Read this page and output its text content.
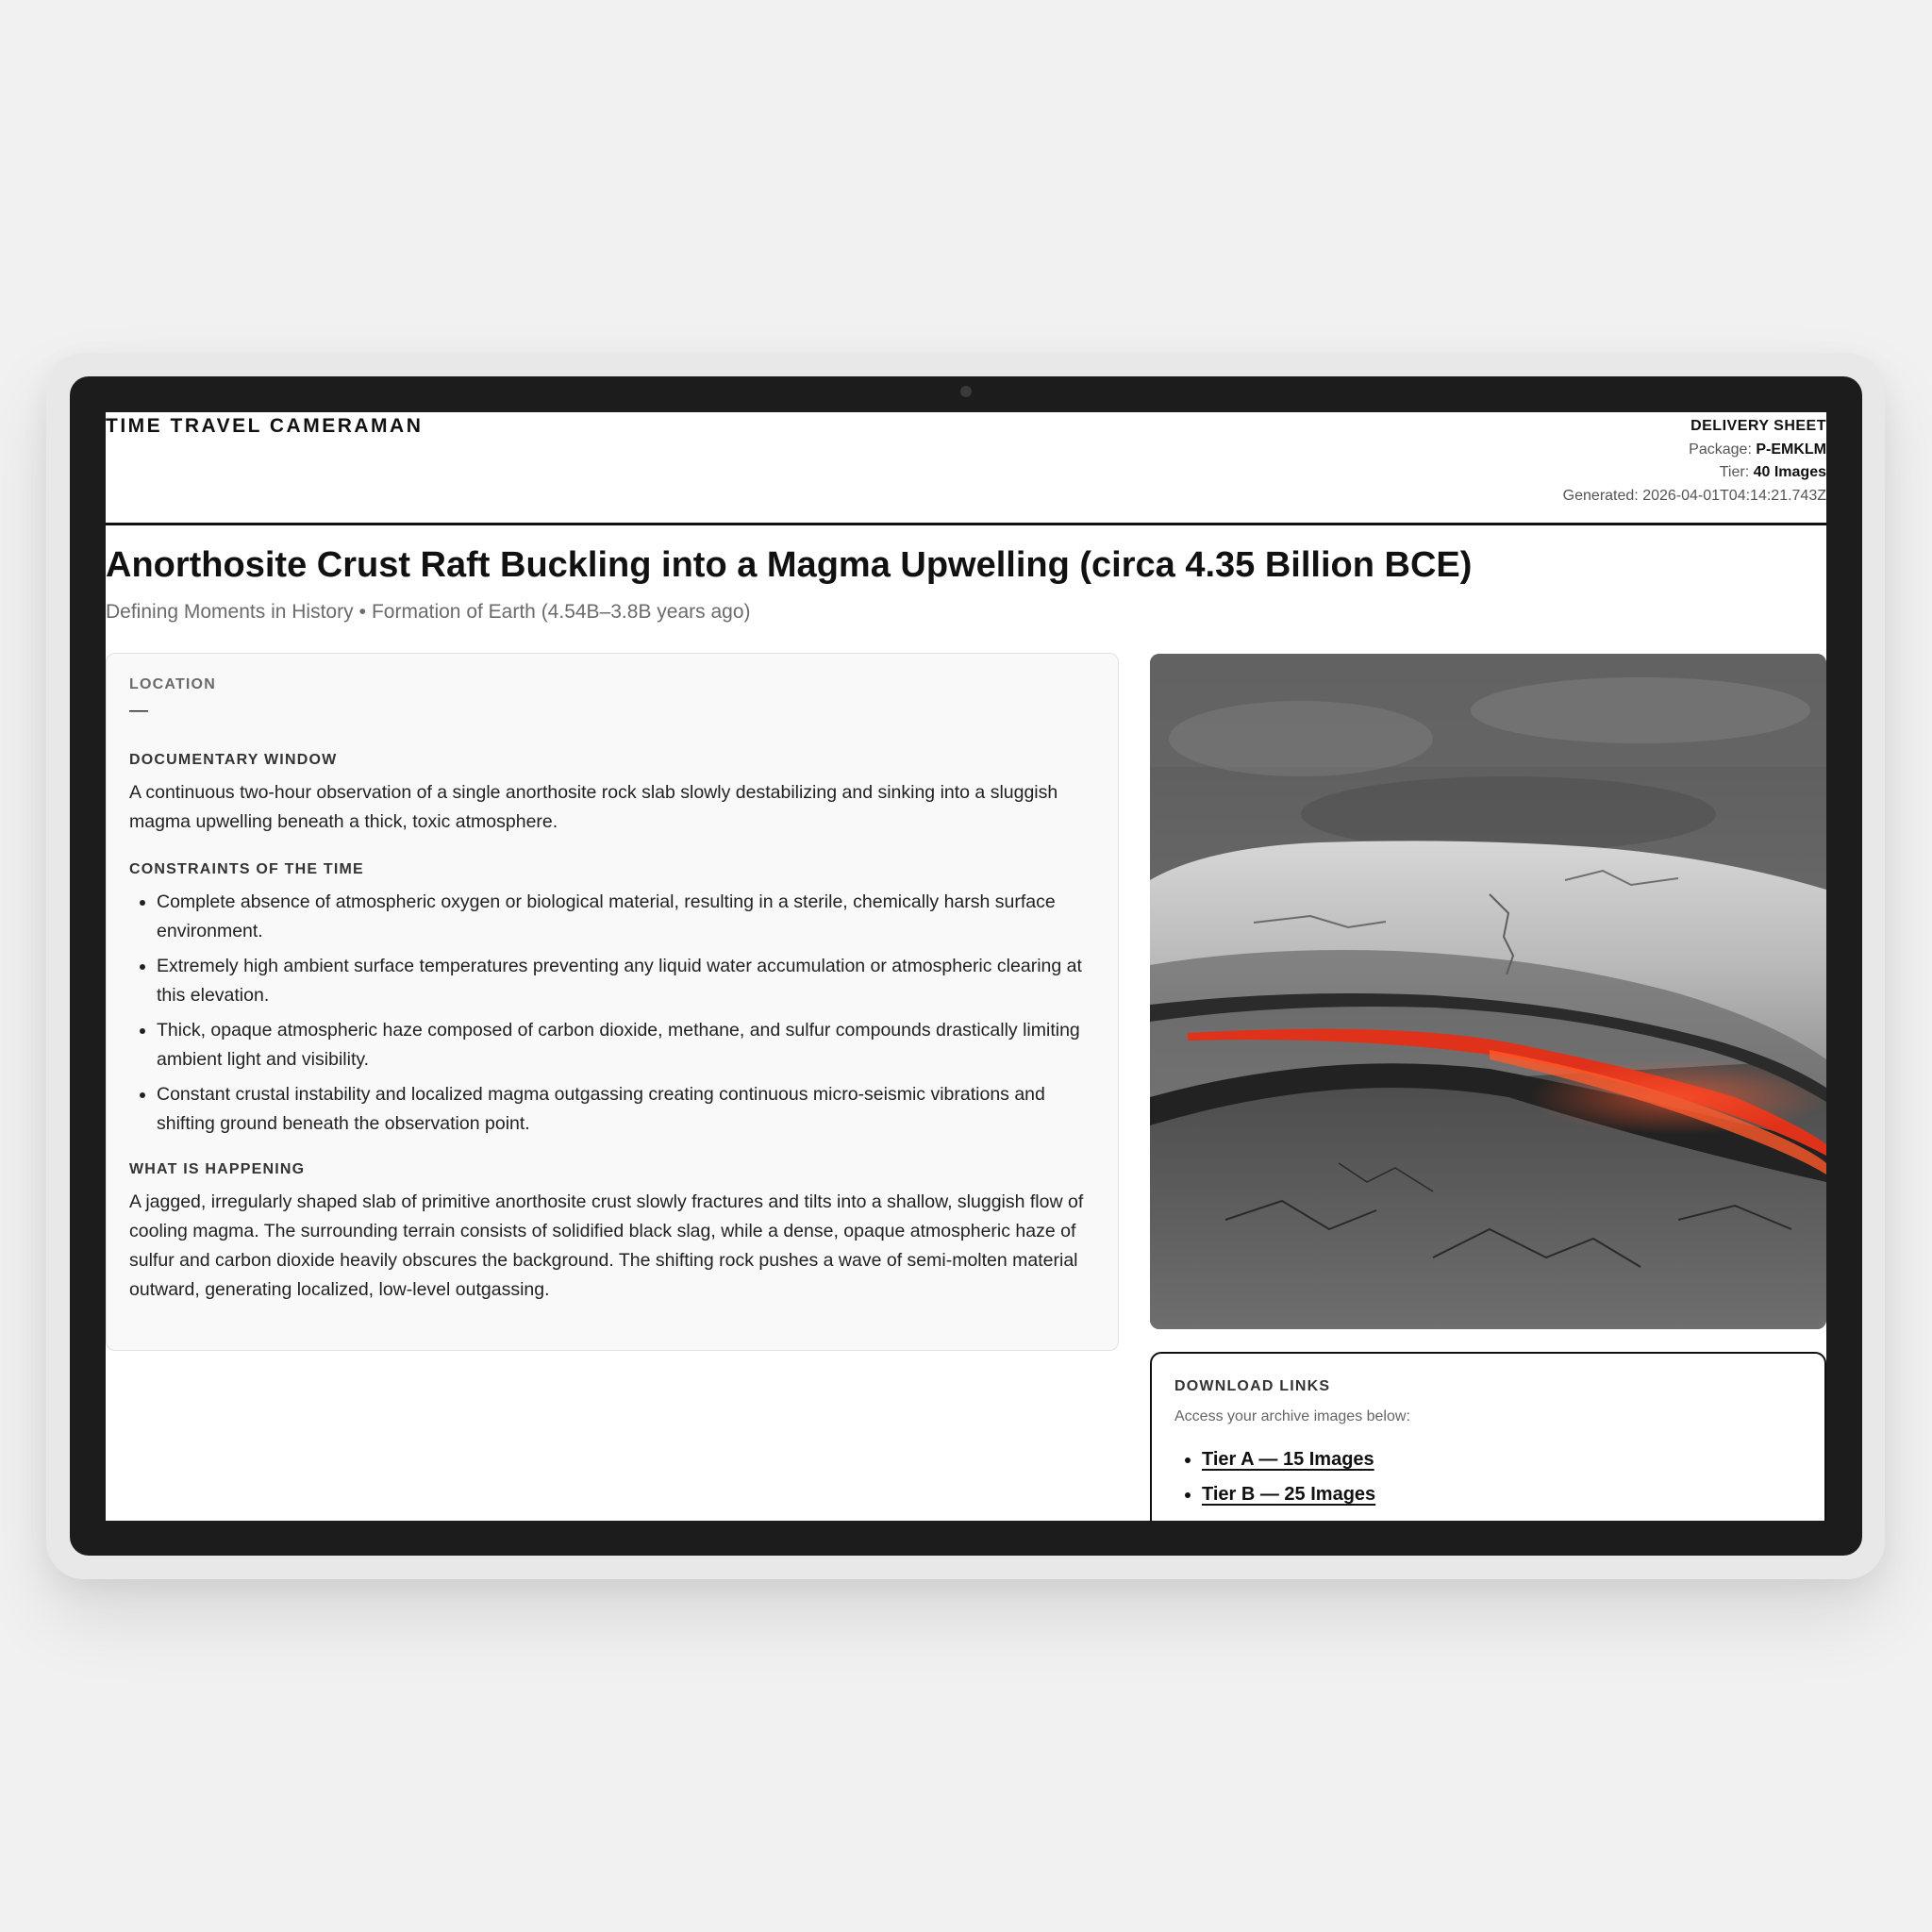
TIME TRAVEL CAMERAMAN	DELIVERY SHEET
Package: P-EMKLM
Tier: 40 Images
Generated: 2026-04-01T04:14:21.743Z
Anorthosite Crust Raft Buckling into a Magma Upwelling (circa 4.35 Billion BCE)
Defining Moments in History • Formation of Earth (4.54B–3.8B years ago)
LOCATION
—
DOCUMENTARY WINDOW

A continuous two-hour observation of a single anorthosite rock slab slowly destabilizing and sinking into a sluggish magma upwelling beneath a thick, toxic atmosphere.

CONSTRAINTS OF THE TIME
• Complete absence of atmospheric oxygen or biological material, resulting in a sterile, chemically harsh surface environment.
• Extremely high ambient surface temperatures preventing any liquid water accumulation or atmospheric clearing at this elevation.
• Thick, opaque atmospheric haze composed of carbon dioxide, methane, and sulfur compounds drastically limiting ambient light and visibility.
• Constant crustal instability and localized magma outgassing creating continuous micro-seismic vibrations and shifting ground beneath the observation point.
WHAT IS HAPPENING

A jagged, irregularly shaped slab of primitive anorthosite crust slowly fractures and tilts into a shallow, sluggish flow of cooling magma. The surrounding terrain consists of solidified black slag, while a dense, opaque atmospheric haze of sulfur and carbon dioxide heavily obscures the background. The shifting rock pushes a wave of semi-molten material outward, generating localized, low-level outgassing.

DOWNLOAD LINKS
Access your archive images below:
• Tier A — 15 Images
• Tier B — 25 Images
